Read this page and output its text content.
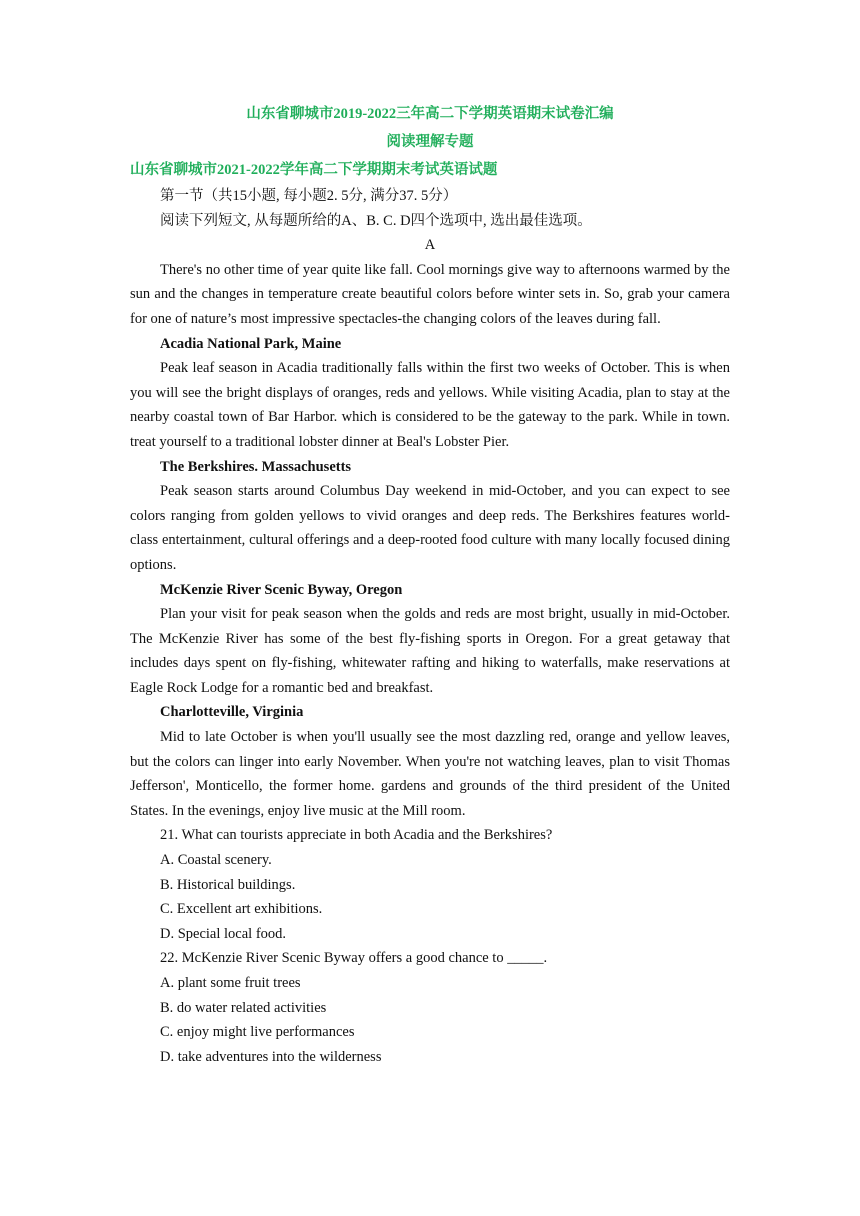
山东省聊城市2019-2022三年高二下学期英语期末试卷汇编
阅读理解专题
山东省聊城市2021-2022学年高二下学期期末考试英语试题

第一节（共15小题, 每小题2. 5分, 满分37. 5分）

阅读下列短文, 从每题所给的A、B. C. D四个选项中, 选出最佳选项。

A

There's no other time of year quite like fall. Cool mornings give way to afternoons warmed by the sun and the changes in temperature create beautiful colors before winter sets in. So, grab your camera for one of nature’s most impressive spectacles-the changing colors of the leaves during fall.

Acadia National Park, Maine

Peak leaf season in Acadia traditionally falls within the first two weeks of October. This is when you will see the bright displays of oranges, reds and yellows. While visiting Acadia, plan to stay at the nearby coastal town of Bar Harbor. which is considered to be the gateway to the park. While in town. treat yourself to a traditional lobster dinner at Beal's Lobster Pier.

The Berkshires. Massachusetts

Peak season starts around Columbus Day weekend in mid-October, and you can expect to see colors ranging from golden yellows to vivid oranges and deep reds. The Berkshires features world-class entertainment, cultural offerings and a deep-rooted food culture with many locally focused dining options.

McKenzie River Scenic Byway, Oregon

Plan your visit for peak season when the golds and reds are most bright, usually in mid-October. The McKenzie River has some of the best fly-fishing sports in Oregon. For a great getaway that includes days spent on fly-fishing, whitewater rafting and hiking to waterfalls, make reservations at Eagle Rock Lodge for a romantic bed and breakfast.

Charlotteville, Virginia

Mid to late October is when you'll usually see the most dazzling red, orange and yellow leaves, but the colors can linger into early November. When you're not watching leaves, plan to visit Thomas Jefferson', Monticello, the former home. gardens and grounds of the third president of the United States. In the evenings, enjoy live music at the Mill room.

21. What can tourists appreciate in both Acadia and the Berkshires?

A. Coastal scenery.

B. Historical buildings.

C. Excellent art exhibitions.

D. Special local food.

22. McKenzie River Scenic Byway offers a good chance to _____.

A. plant some fruit trees

B. do water related activities

C. enjoy might live performances

D. take adventures into the wilderness
